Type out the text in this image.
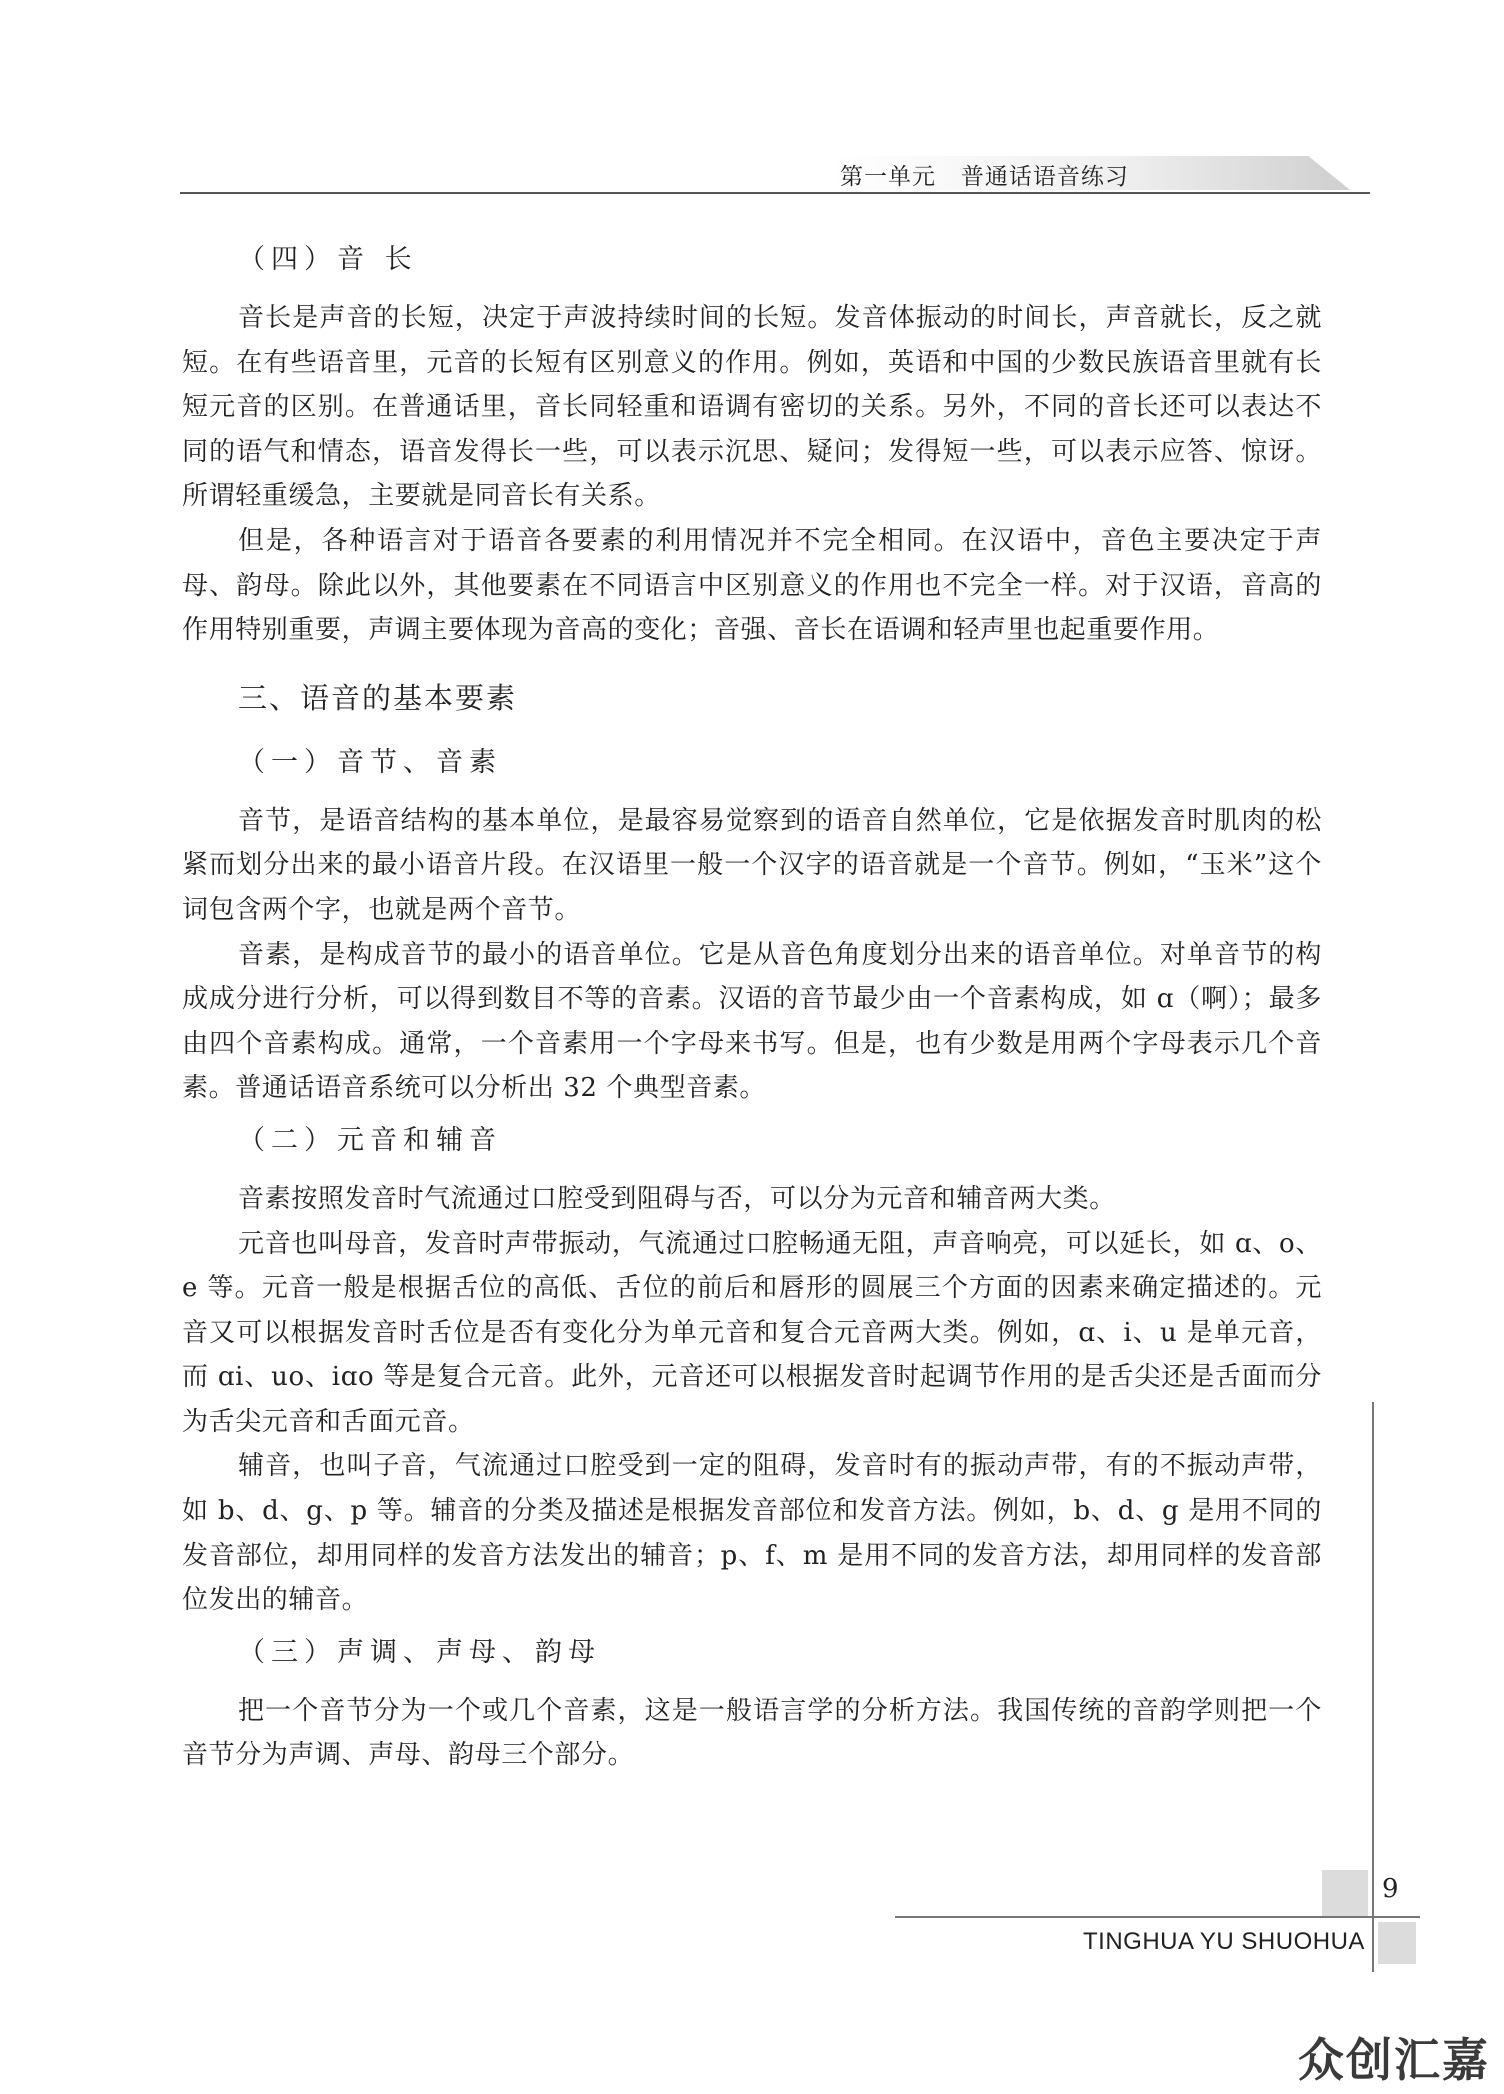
第一单元   普通话语音练习
（四）音 长

音长是声音的长短，决定于声波持续时间的长短。发音体振动的时间长，声音就长，反之就短。在有些语音里，元音的长短有区别意义的作用。例如，英语和中国的少数民族语音里就有长短元音的区别。在普通话里，音长同轻重和语调有密切的关系。另外，不同的音长还可以表达不同的语气和情态，语音发得长一些，可以表示沉思、疑问；发得短一些，可以表示应答、惊讶。所谓轻重缓急，主要就是同音长有关系。

但是，各种语言对于语音各要素的利用情况并不完全相同。在汉语中，音色主要决定于声母、韵母。除此以外，其他要素在不同语言中区别意义的作用也不完全一样。对于汉语，音高的作用特别重要，声调主要体现为音高的变化；音强、音长在语调和轻声里也起重要作用。

三、语音的基本要素
（一）音节、音素

音节，是语音结构的基本单位，是最容易觉察到的语音自然单位，它是依据发音时肌肉的松紧而划分出来的最小语音片段。在汉语里一般一个汉字的语音就是一个音节。例如，“玉米”这个词包含两个字，也就是两个音节。

音素，是构成音节的最小的语音单位。它是从音色角度划分出来的语音单位。对单音节的构成成分进行分析，可以得到数目不等的音素。汉语的音节最少由一个音素构成，如 ɑ（啊）；最多由四个音素构成。通常，一个音素用一个字母来书写。但是，也有少数是用两个字母表示几个音素。普通话语音系统可以分析出 32 个典型音素。

（二）元音和辅音

音素按照发音时气流通过口腔受到阻碍与否，可以分为元音和辅音两大类。

元音也叫母音，发音时声带振动，气流通过口腔畅通无阻，声音响亮，可以延长，如 ɑ、o、e 等。元音一般是根据舌位的高低、舌位的前后和唇形的圆展三个方面的因素来确定描述的。元音又可以根据发音时舌位是否有变化分为单元音和复合元音两大类。例如，ɑ、i、u 是单元音，而 ɑi、uo、iɑo 等是复合元音。此外，元音还可以根据发音时起调节作用的是舌尖还是舌面而分为舌尖元音和舌面元音。

辅音，也叫子音，气流通过口腔受到一定的阻碍，发音时有的振动声带，有的不振动声带，如 b、d、g、p 等。辅音的分类及描述是根据发音部位和发音方法。例如，b、d、g 是用不同的发音部位，却用同样的发音方法发出的辅音；p、f、m 是用不同的发音方法，却用同样的发音部位发出的辅音。

（三）声调、声母、韵母

把一个音节分为一个或几个音素，这是一般语言学的分析方法。我国传统的音韵学则把一个音节分为声调、声母、韵母三个部分。

9
TINGHUA YU SHUOHUA
众创汇嘉
